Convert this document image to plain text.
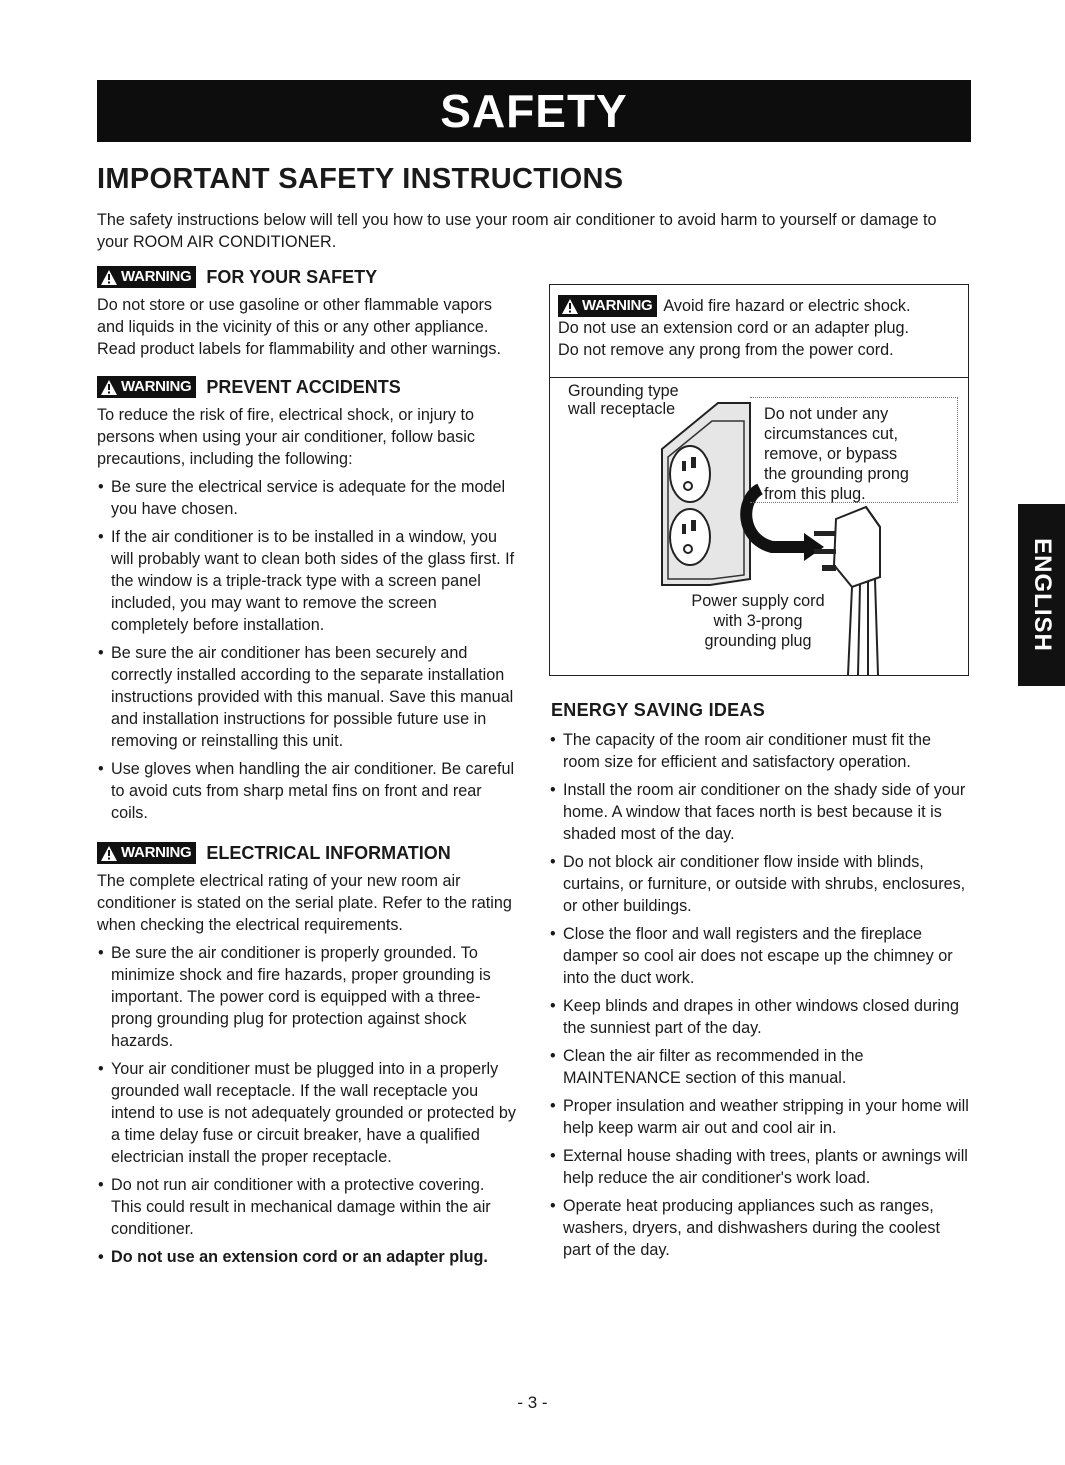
SAFETY
IMPORTANT SAFETY INSTRUCTIONS

The safety instructions below will tell you how to use your room air conditioner to avoid harm to yourself or damage to your ROOM AIR CONDITIONER.

WARNING FOR YOUR SAFETY

Do not store or use gasoline or other flammable vapors and liquids in the vicinity of this or any other appliance. Read product labels for flammability and other warnings.

WARNING PREVENT ACCIDENTS

To reduce the risk of fire, electrical shock, or injury to persons when using your air conditioner, follow basic precautions, including the following:

• Be sure the electrical service is adequate for the model you have chosen.
• If the air conditioner is to be installed in a window, you will probably want to clean both sides of the glass first. If the window is a triple-track type with a screen panel included, you may want to remove the screen completely before installation.
• Be sure the air conditioner has been securely and correctly installed according to the separate installation instructions provided with this manual. Save this manual and installation instructions for possible future use in removing or reinstalling this unit.
• Use gloves when handling the air conditioner. Be careful to avoid cuts from sharp metal fins on front and rear coils.
WARNING ELECTRICAL INFORMATION

The complete electrical rating of your new room air conditioner is stated on the serial plate. Refer to the rating when checking the electrical requirements.

• Be sure the air conditioner is properly grounded. To minimize shock and fire hazards, proper grounding is important. The power cord is equipped with a three-prong grounding plug for protection against shock hazards.
• Your air conditioner must be plugged into in a properly grounded wall receptacle. If the wall receptacle you intend to use is not adequately grounded or protected by a time delay fuse or circuit breaker, have a qualified electrician install the proper receptacle.
• Do not run air conditioner with a protective covering. This could result in mechanical damage within the air conditioner.
• Do not use an extension cord or an adapter plug.
WARNING Avoid fire hazard or electric shock.
Do not use an extension cord or an adapter plug.
Do not remove any prong from the power cord.
Grounding type
wall receptacle	Do not under any
circumstances cut,
remove, or bypass
the grounding prong
from this plug.
Power supply cord
with 3-prong
grounding plug
ENERGY SAVING IDEAS
• The capacity of the room air conditioner must fit the room size for efficient and satisfactory operation.
• Install the room air conditioner on the shady side of your home. A window that faces north is best because it is shaded most of the day.
• Do not block air conditioner flow inside with blinds, curtains, or furniture, or outside with shrubs, enclosures, or other buildings.
• Close the floor and wall registers and the fireplace damper so cool air does not escape up the chimney or into the duct work.
• Keep blinds and drapes in other windows closed during the sunniest part of the day.
• Clean the air filter as recommended in the MAINTENANCE section of this manual.
• Proper insulation and weather stripping in your home will help keep warm air out and cool air in.
• External house shading with trees, plants or awnings will help reduce the air conditioner's work load.
• Operate heat producing appliances such as ranges, washers, dryers, and dishwashers during the coolest part of the day.
ENGLISH
- 3 -
